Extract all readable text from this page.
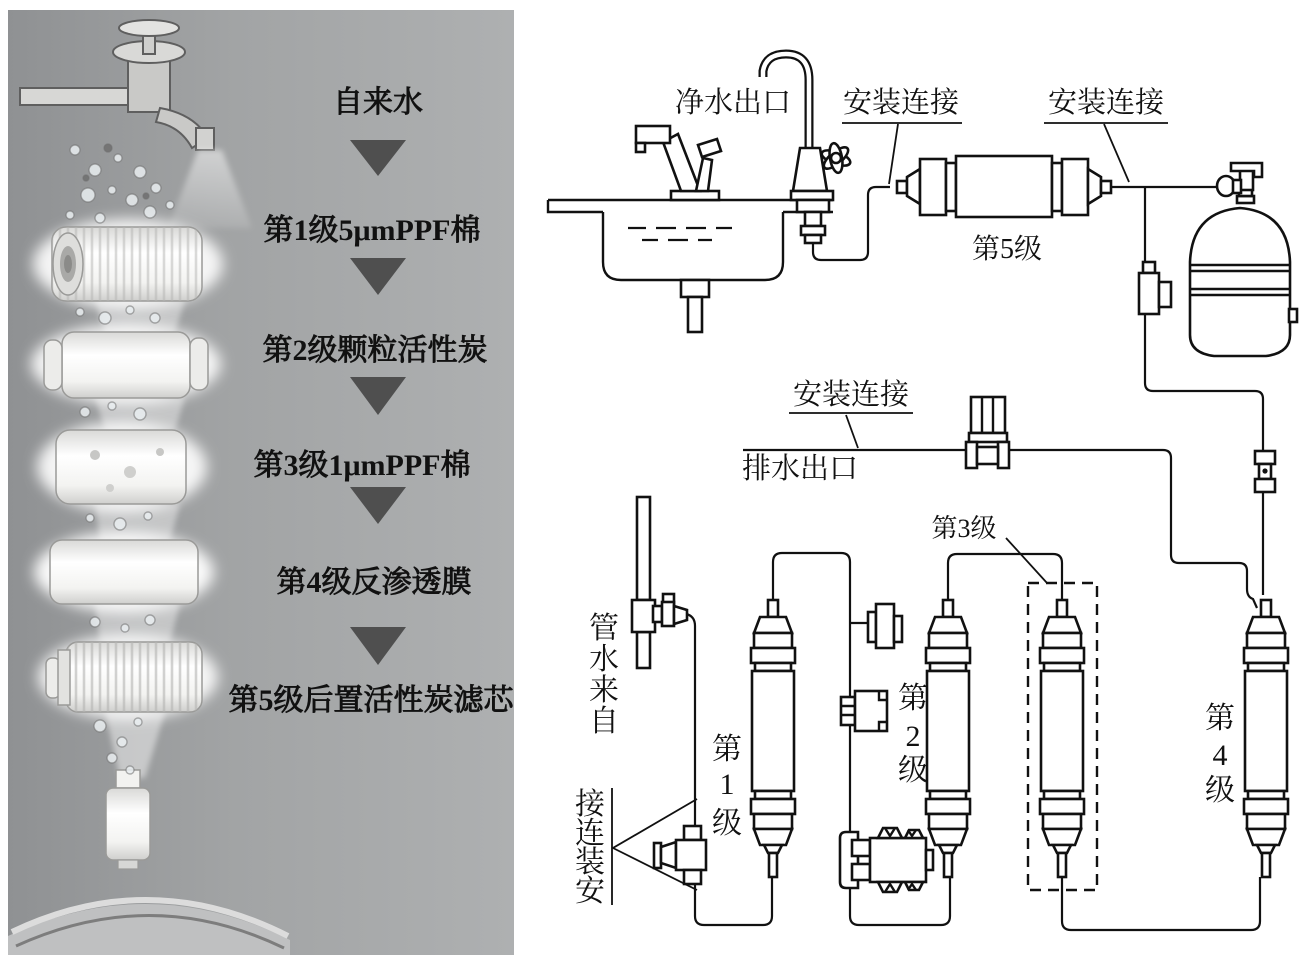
自来水
第1级5μmPPF棉
第2级颗粒活性炭
第3级1μmPPF棉
第4级反渗透膜
第5级后置活性炭滤芯
净水出口 安装连接	安装连接
第5级
安装连接
排水出口
第3级
管
水
来
自
接
连
装
安
第
1
级
第
2
级
第
4
级
